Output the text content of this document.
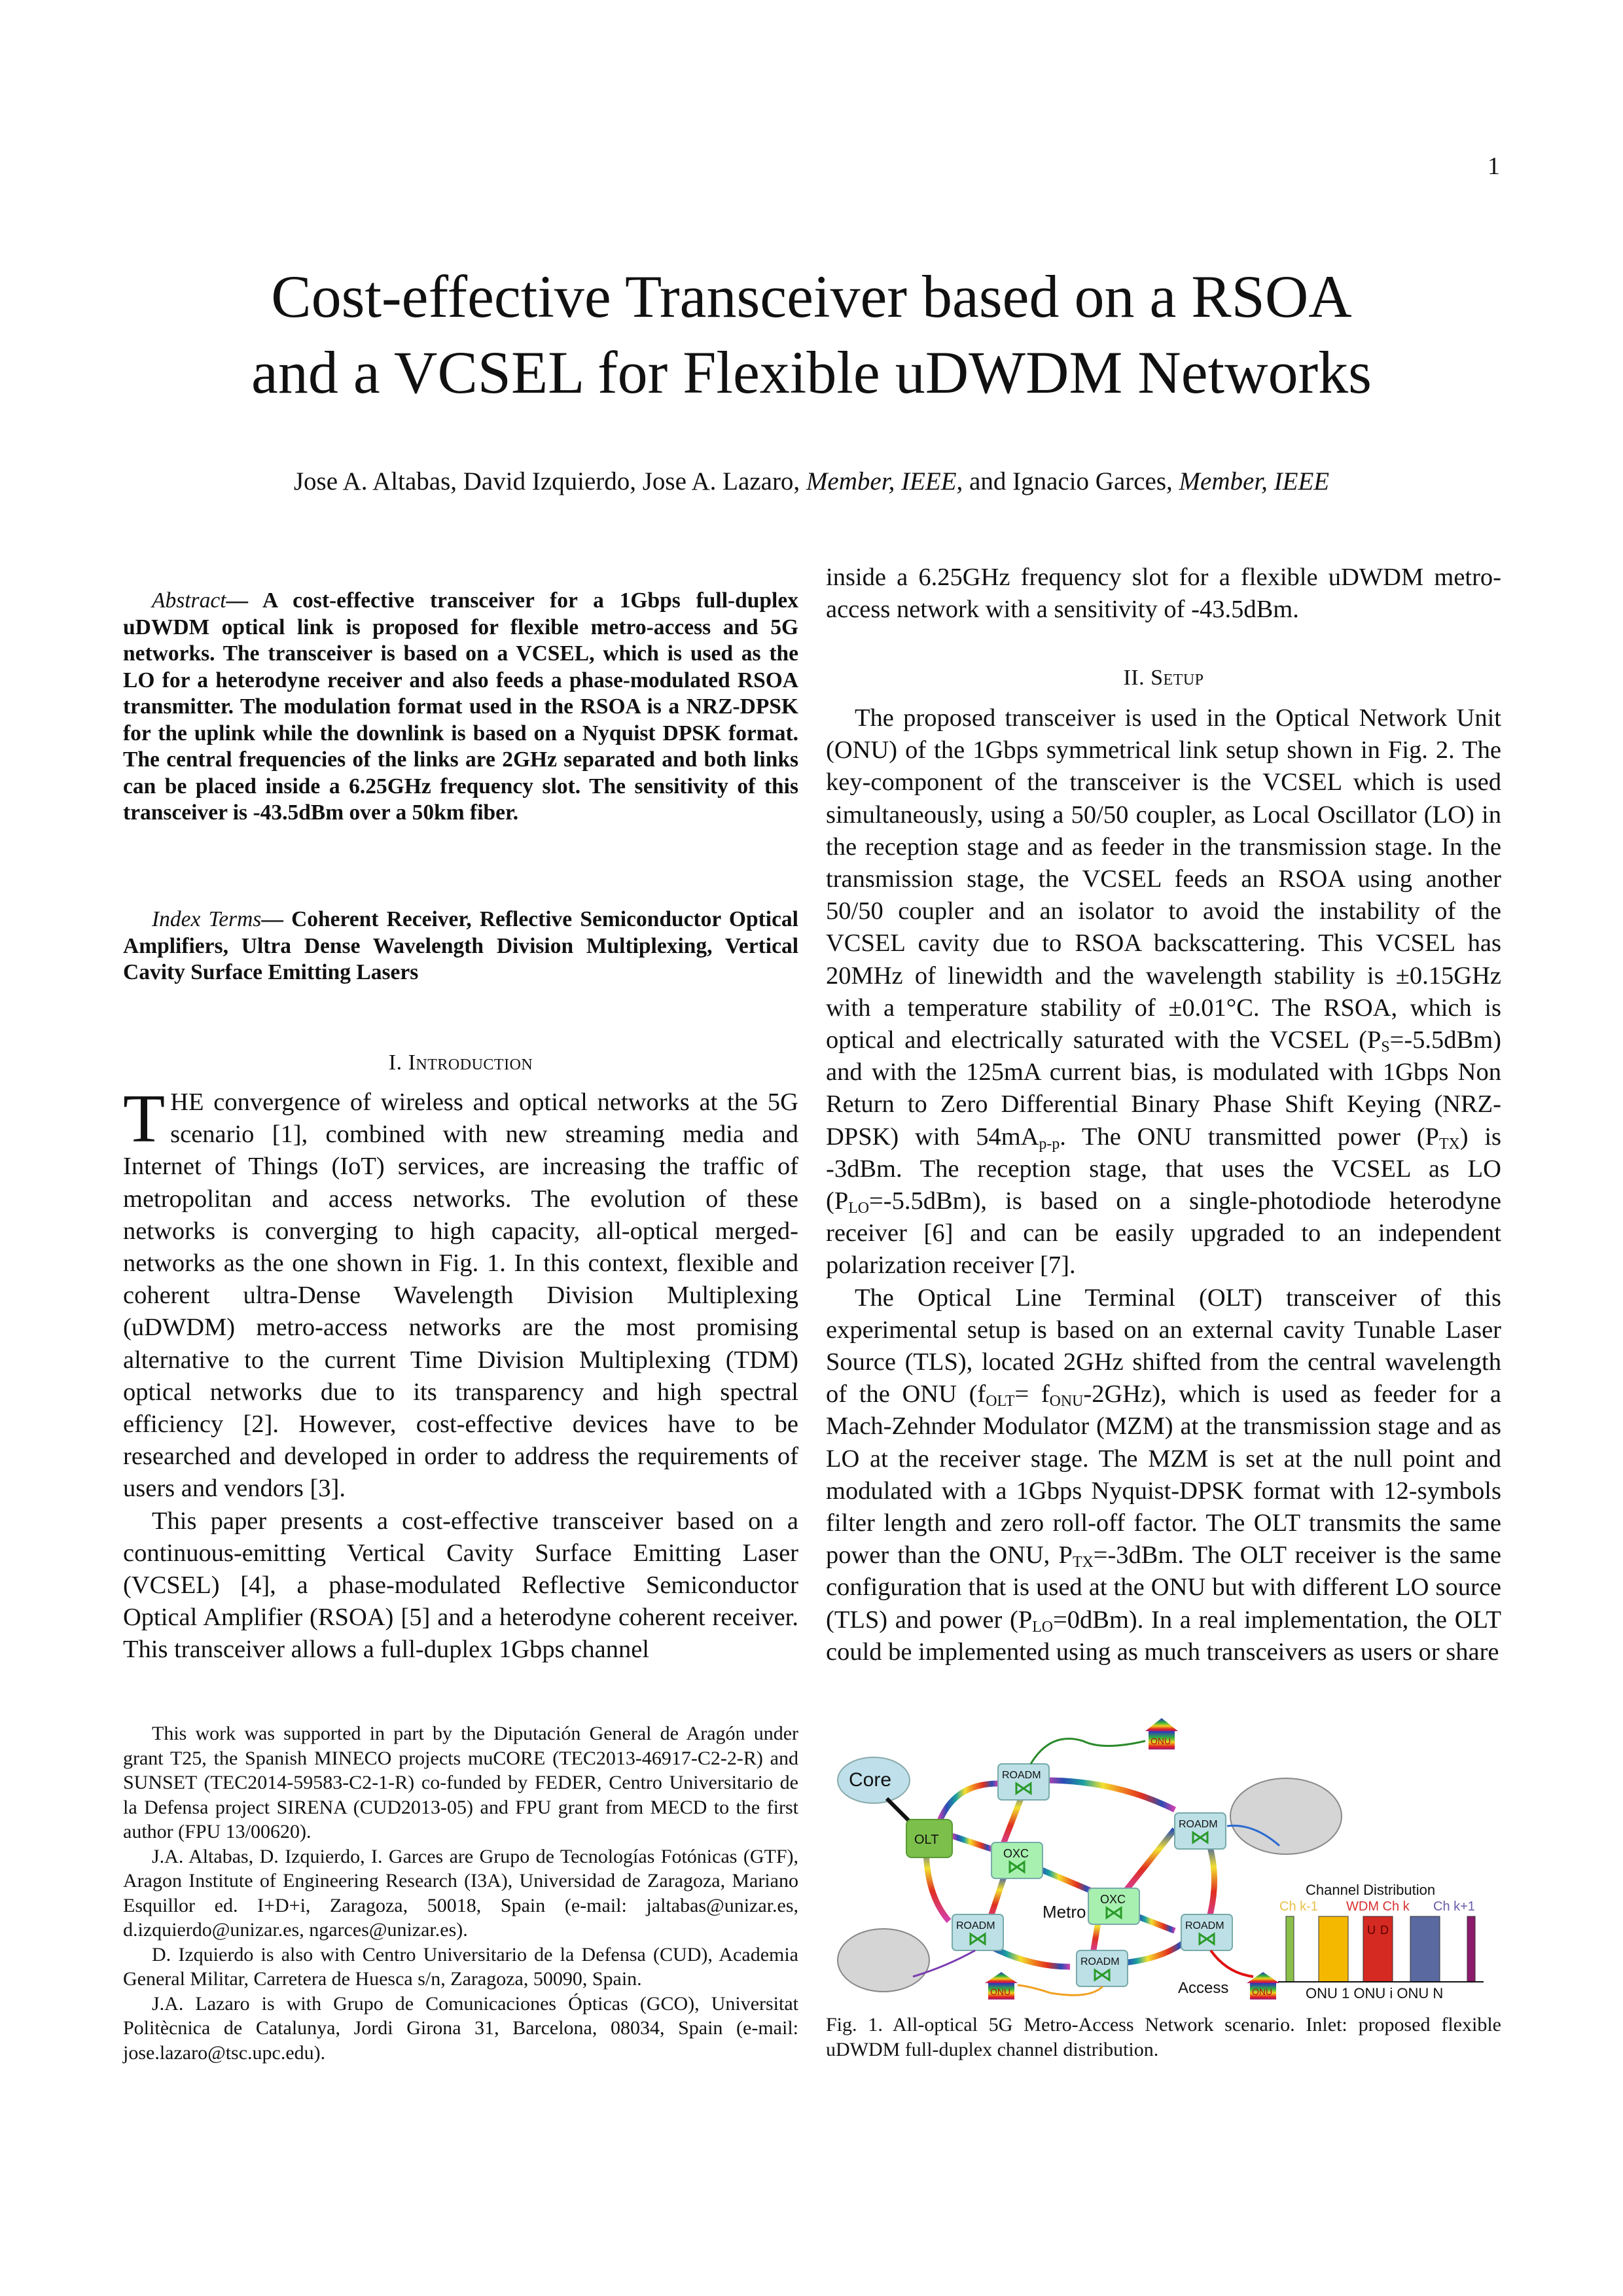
1
Cost-effective Transceiver based on a RSOA
and a VCSEL for Flexible uDWDM Networks
Jose A. Altabas, David Izquierdo, Jose A. Lazaro, Member, IEEE, and Ignacio Garces, Member, IEEE

Abstract— A cost-effective transceiver for a 1Gbps full-duplex uDWDM optical link is proposed for flexible metro-access and 5G networks. The transceiver is based on a VCSEL, which is used as the LO for a heterodyne receiver and also feeds a phase-modulated RSOA transmitter. The modulation format used in the RSOA is a NRZ-DPSK for the uplink while the downlink is based on a Nyquist DPSK format. The central frequencies of the links are 2GHz separated and both links can be placed inside a 6.25GHz frequency slot. The sensitivity of this transceiver is -43.5dBm over a 50km fiber.

Index Terms— Coherent Receiver, Reflective Semiconductor Optical Amplifiers, Ultra Dense Wavelength Division Multiplexing, Vertical Cavity Surface Emitting Lasers

I. Introduction

THE convergence of wireless and optical networks at the 5G scenario [1], combined with new streaming media and Internet of Things (IoT) services, are increasing the traffic of metropolitan and access networks. The evolution of these networks is converging to high capacity, all-optical merged-networks as the one shown in Fig. 1. In this context, flexible and coherent ultra-Dense Wavelength Division Multiplexing (uDWDM) metro-access networks are the most promising alternative to the current Time Division Multiplexing (TDM) optical networks due to its transparency and high spectral efficiency [2]. However, cost-effective devices have to be researched and developed in order to address the requirements of users and vendors [3].

This paper presents a cost-effective transceiver based on a continuous-emitting Vertical Cavity Surface Emitting Laser (VCSEL) [4], a phase-modulated Reflective Semiconductor Optical Amplifier (RSOA) [5] and a heterodyne coherent receiver. This transceiver allows a full-duplex 1Gbps channel

This work was supported in part by the Diputación General de Aragón under grant T25, the Spanish MINECO projects muCORE (TEC2013-46917-C2-2-R) and SUNSET (TEC2014-59583-C2-1-R) co-funded by FEDER, Centro Universitario de la Defensa project SIRENA (CUD2013-05) and FPU grant from MECD to the first author (FPU 13/00620).

J.A. Altabas, D. Izquierdo, I. Garces are Grupo de Tecnologías Fotónicas (GTF), Aragon Institute of Engineering Research (I3A), Universidad de Zaragoza, Mariano Esquillor ed. I+D+i, Zaragoza, 50018, Spain (e-mail: jaltabas@unizar.es, d.izquierdo@unizar.es, ngarces@unizar.es).

D. Izquierdo is also with Centro Universitario de la Defensa (CUD), Academia General Militar, Carretera de Huesca s/n, Zaragoza, 50090, Spain.

J.A. Lazaro is with Grupo de Comunicaciones Ópticas (GCO), Universitat Politècnica de Catalunya, Jordi Girona 31, Barcelona, 08034, Spain (e-mail: jose.lazaro@tsc.upc.edu).

inside a 6.25GHz frequency slot for a flexible uDWDM metro-access network with a sensitivity of -43.5dBm.

II. Setup

The proposed transceiver is used in the Optical Network Unit (ONU) of the 1Gbps symmetrical link setup shown in Fig. 2. The key-component of the transceiver is the VCSEL which is used simultaneously, using a 50/50 coupler, as Local Oscillator (LO) in the reception stage and as feeder in the transmission stage. In the transmission stage, the VCSEL feeds an RSOA using another 50/50 coupler and an isolator to avoid the instability of the VCSEL cavity due to RSOA backscattering. This VCSEL has 20MHz of linewidth and the wavelength stability is ±0.15GHz with a temperature stability of ±0.01°C. The RSOA, which is optical and electrically saturated with the VCSEL $(P_S=-5.5dBm)$ and with the 125mA current bias, is modulated with 1Gbps Non Return to Zero Differential Binary Phase Shift Keying (NRZ-DPSK) with $54mA_{p-p}$. The ONU transmitted power $(P_{TX})$ is -3dBm. The reception stage, that uses the VCSEL as LO $(P_{LO}=-5.5dBm)$, is based on a single-photodiode heterodyne receiver [6] and can be easily upgraded to an independent polarization receiver [7].

The Optical Line Terminal (OLT) transceiver of this experimental setup is based on an external cavity Tunable Laser Source (TLS), located 2GHz shifted from the central wavelength of the ONU $(f_{OLT}= f_{ONU}-2GHz)$, which is used as feeder for a Mach-Zehnder Modulator (MZM) at the transmission stage and as LO at the receiver stage. The MZM is set at the null point and modulated with a 1Gbps Nyquist-DPSK format with 12-symbols filter length and zero roll-off factor. The OLT transmits the same power than the ONU, $P_{TX}=-3dBm$. The OLT receiver is the same configuration that is used at the ONU but with different LO source (TLS) and power $(P_{LO}=0dBm)$. In a real implementation, the OLT could be implemented using as much transceivers as users or share

Core
OLT
ROADM
ROADM
ROADM
ROADM
ROADM
OXC
OXC
Metro
Access
ONU
ONU	ONU
Channel Distribution
Ch k-1 WDM Ch k Ch k+1
U D
ONU 1 ONU i ONU N

Fig. 1. All-optical 5G Metro-Access Network scenario. Inlet: proposed flexible uDWDM full-duplex channel distribution.
